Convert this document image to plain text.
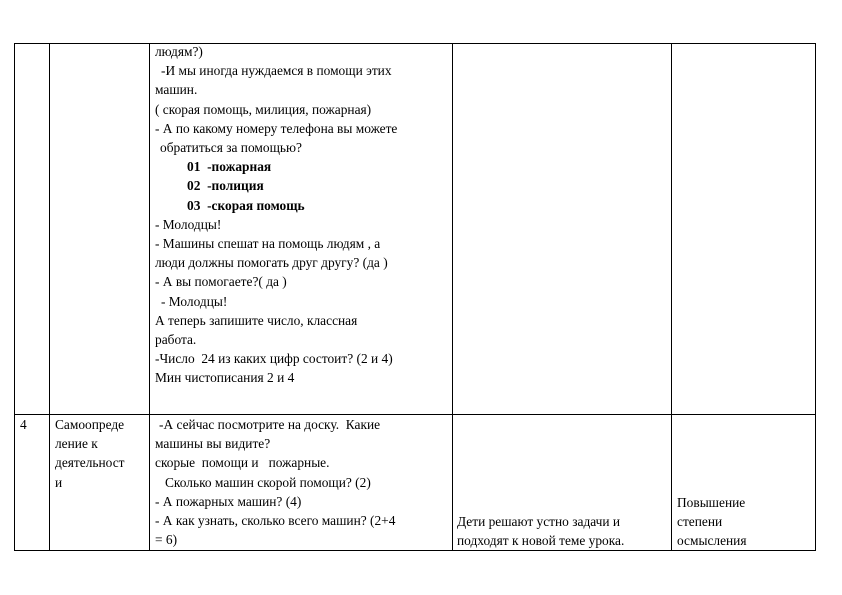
людям?)
-И мы иногда нуждаемся в помощи этих
машин.
( скорая помощь, милиция, пожарная)
- А по какому номеру телефона вы можете
обратиться за помощью?
01  -пожарная
02  -полиция
03  -скорая помощь
- Молодцы!
- Машины спешат на помощь людям , а
люди должны помогать друг другу? (да )
- А вы помогаете?( да )
- Молодцы!
А теперь запишите число, классная
работа.
-Число  24 из каких цифр состоит? (2 и 4)
Мин чистописания 2 и 4
4 Самоопреде
ление к
деятельност
и
-А сейчас посмотрите на доску.  Какие
машины вы видите?
скорые  помощи и   пожарные.
Сколько машин скорой помощи? (2)
- А пожарных машин? (4)
- А как узнать, сколько всего машин? (2+4
= 6)
Дети решают устно задачи и
подходят к новой теме урока.
Повышение
степени
осмысления
